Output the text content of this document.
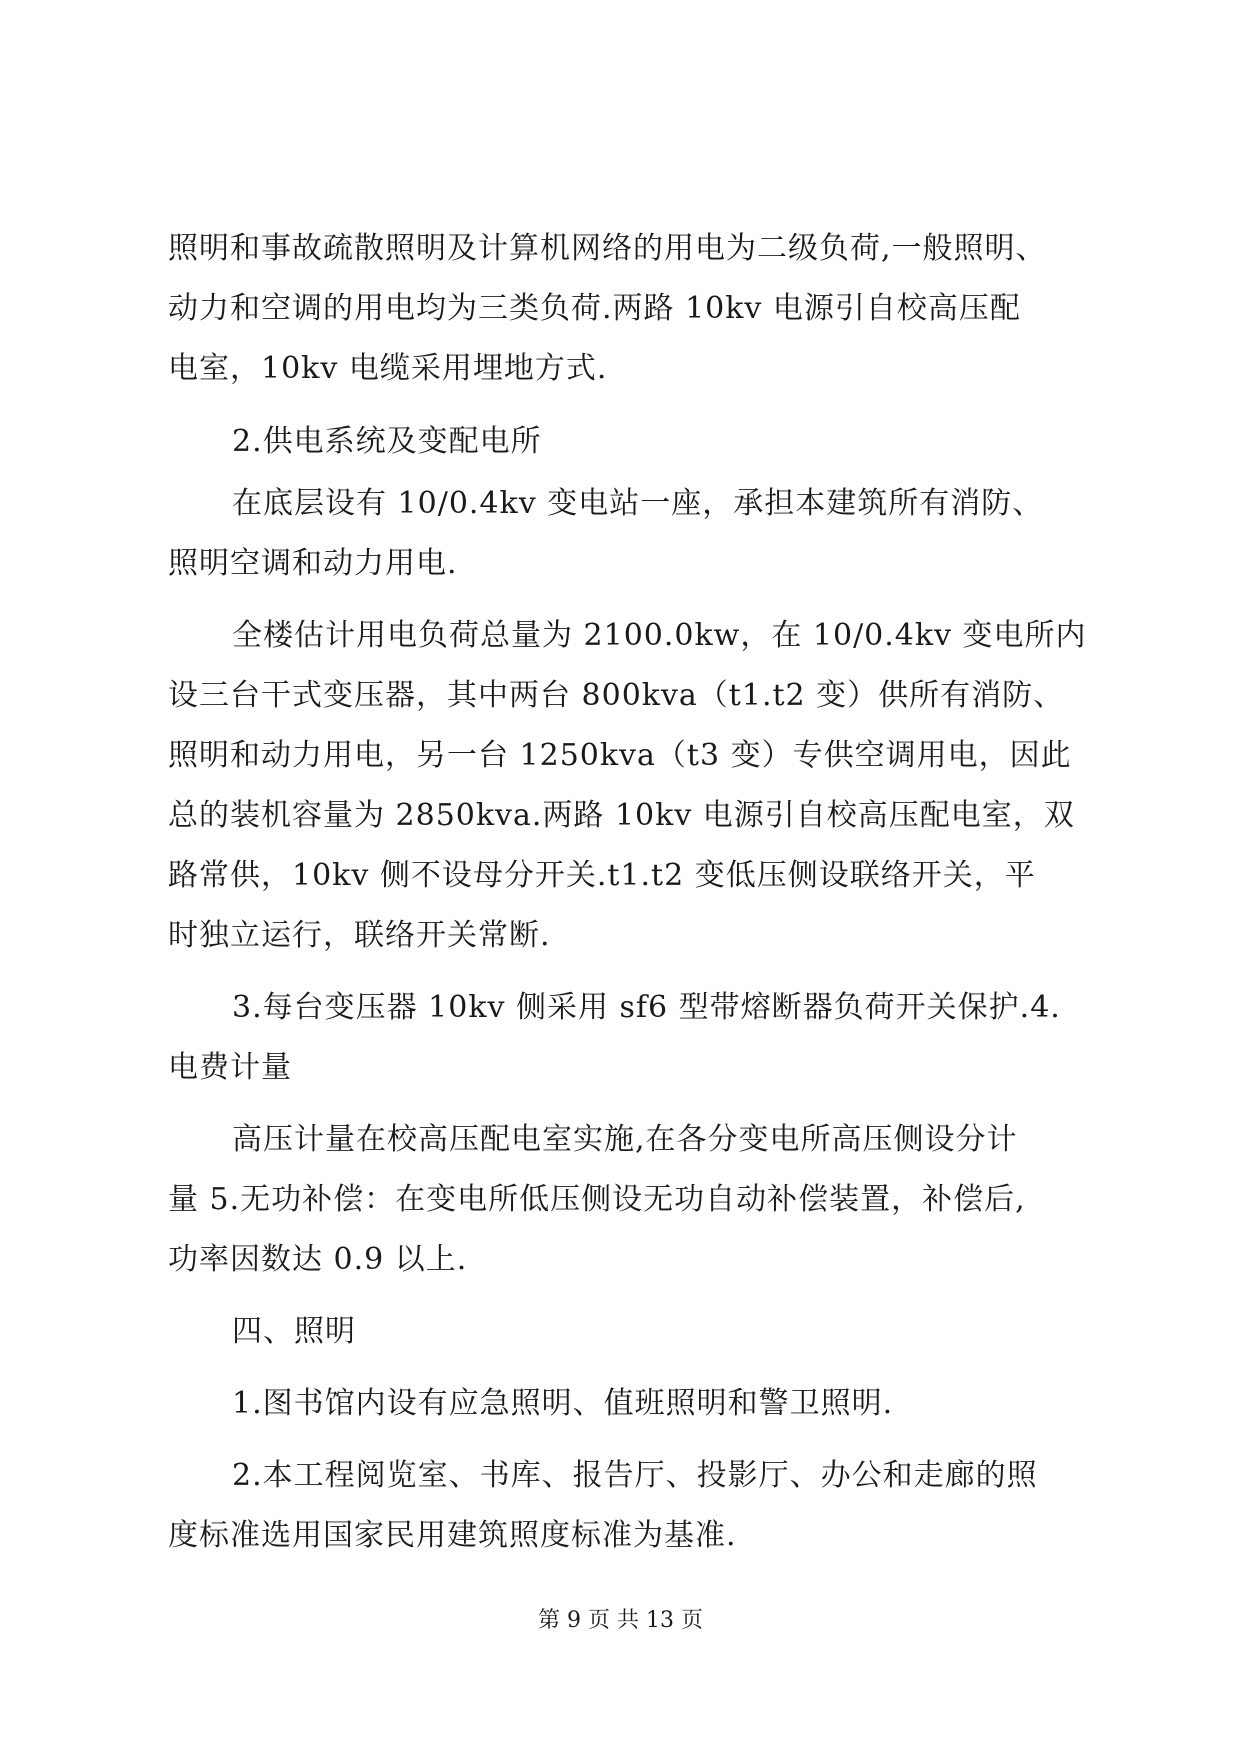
照明和事故疏散照明及计算机网络的用电为二级负荷,一般照明、
动力和空调的用电均为三类负荷.两路 10kv 电源引自校高压配
电室，10kv 电缆采用埋地方式.
2.供电系统及变配电所
在底层设有 10/0.4kv 变电站一座，承担本建筑所有消防、
照明空调和动力用电.
全楼估计用电负荷总量为 2100.0kw，在 10/0.4kv 变电所内
设三台干式变压器，其中两台 800kva（t1.t2 变）供所有消防、
照明和动力用电，另一台 1250kva（t3 变）专供空调用电，因此
总的装机容量为 2850kva.两路 10kv 电源引自校高压配电室，双
路常供，10kv 侧不设母分开关.t1.t2 变低压侧设联络开关，平
时独立运行，联络开关常断.
3.每台变压器 10kv 侧采用 sf6 型带熔断器负荷开关保护.4.
电费计量
高压计量在校高压配电室实施,在各分变电所高压侧设分计
量 5.无功补偿：在变电所低压侧设无功自动补偿装置，补偿后,
功率因数达 0.9 以上.
四、照明
1.图书馆内设有应急照明、值班照明和警卫照明.
2.本工程阅览室、书库、报告厅、投影厅、办公和走廊的照
度标准选用国家民用建筑照度标准为基准.
第 9 页 共 13 页
